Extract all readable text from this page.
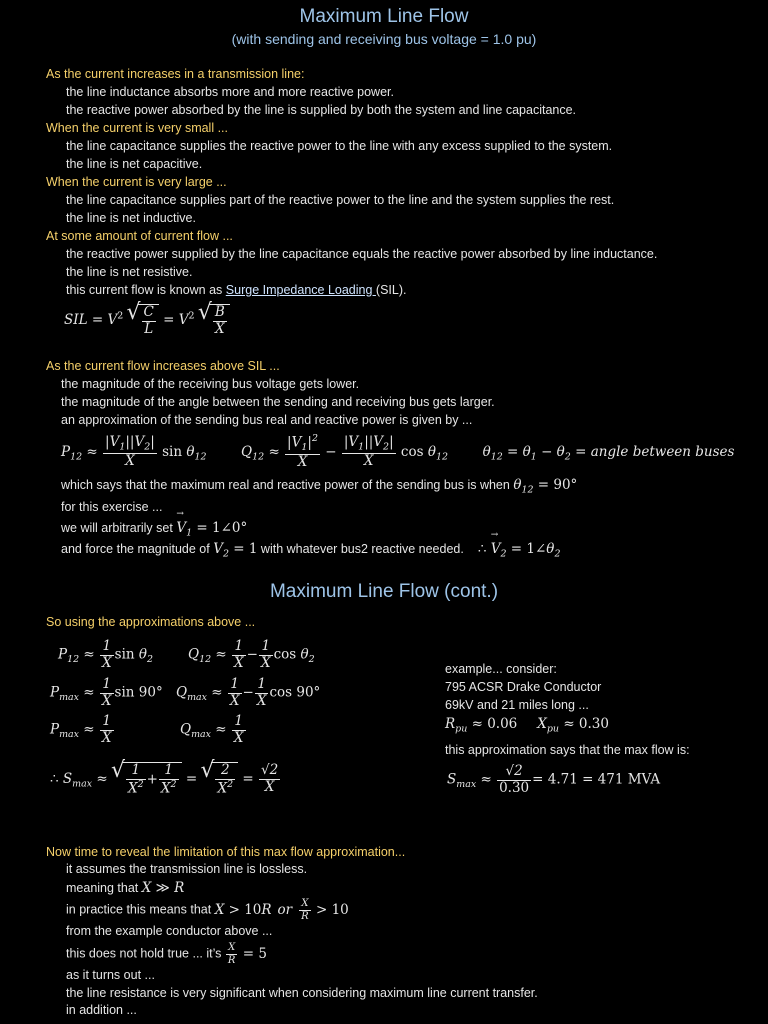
Maximum Line Flow
(with sending and receiving bus voltage = 1.0 pu)
As the current increases in a transmission line:
the line inductance absorbs more and more reactive power.
the reactive power absorbed by the line is supplied by both the system and line capacitance.
When the current is very small ...
the line capacitance supplies the reactive power to the line with any excess supplied to the system.
the line is net capacitive.
When the current is very large ...
the line capacitance supplies part of the reactive power to the line and the system supplies the rest.
the line is net inductive.
At some amount of current flow ...
the reactive power supplied by the line capacitance equals the reactive power absorbed by line inductance.
the line is net resistive.
this current flow is known as Surge Impedance Loading (SIL).
SIL = $V^2$ √ $\frac{C}{L} = V^2$ √ $\frac{B}{X}$
As the current flow increases above SIL ...
the magnitude of the receiving bus voltage gets lower.
the magnitude of the angle between the sending and receiving bus gets larger.
an approximation of the sending bus real and reactive power is given by ...
$P_{12} \approx \frac{|V_1||V_2|}{X}$ $\sin \theta_{12}$  $Q_{12} \approx \frac{|V_1|^2}{X} - \frac{|V_1||V_2|}{X}$ $\cos \theta_{12}$  $\theta_{12} = \theta_1 - \theta_2$ = angle between buses
which says that the maximum real and reactive power of the sending bus is when $\theta_{12} = 90^\circ$
for this exercise ...
we will arbitrarily set $V \to_1$ = 1∠0°
and force the magnitude of $V_2 = 1$ with whatever bus2 reactive needed. ∴ $V \to_2$ = $1\angle\theta_2$
Maximum Line Flow (cont.)
So using the approximations above ...
$P_{12} \approx \frac{1}{X}$ $\sin \theta_2$	$Q_{12} \approx \frac{1}{X} - \frac{1}{X}$ $\cos \theta_2$
$P_{max} \approx \frac{1}{X}$ sin 90° $Q_{max} \approx \frac{1}{X} - \frac{1}{X}$ cos 90°
$P_{max} \approx \frac{1}{X}$	$Q_{max} \approx \frac{1}{X}$
∴ $S_{max}$ ≈ √ $\frac{1}{X^2} + \frac{1}{X^2}$ = √ $\frac{2}{X^2} = \frac{√2}{X}$
example... consider:
795 ACSR Drake Conductor
69kV and 21 miles long ...
$R_{pu} \approx 0.06$ $X_{pu} \approx 0.30$
this approximation says that the max flow is:
$S_{max} \approx \frac{√2}{0.30} = 4.71 = 471$ MVA
Now time to reveal the limitation of this max flow approximation...
it assumes the transmission line is lossless.
meaning that X ≫ R
in practice this means that X > 10R or $\frac{X}{R} > 10$
from the example conductor above ...
this does not hold true ... it’s $\frac{X}{R} = 5$
as it turns out ...
the line resistance is very significant when considering maximum line current transfer.
in addition ...
